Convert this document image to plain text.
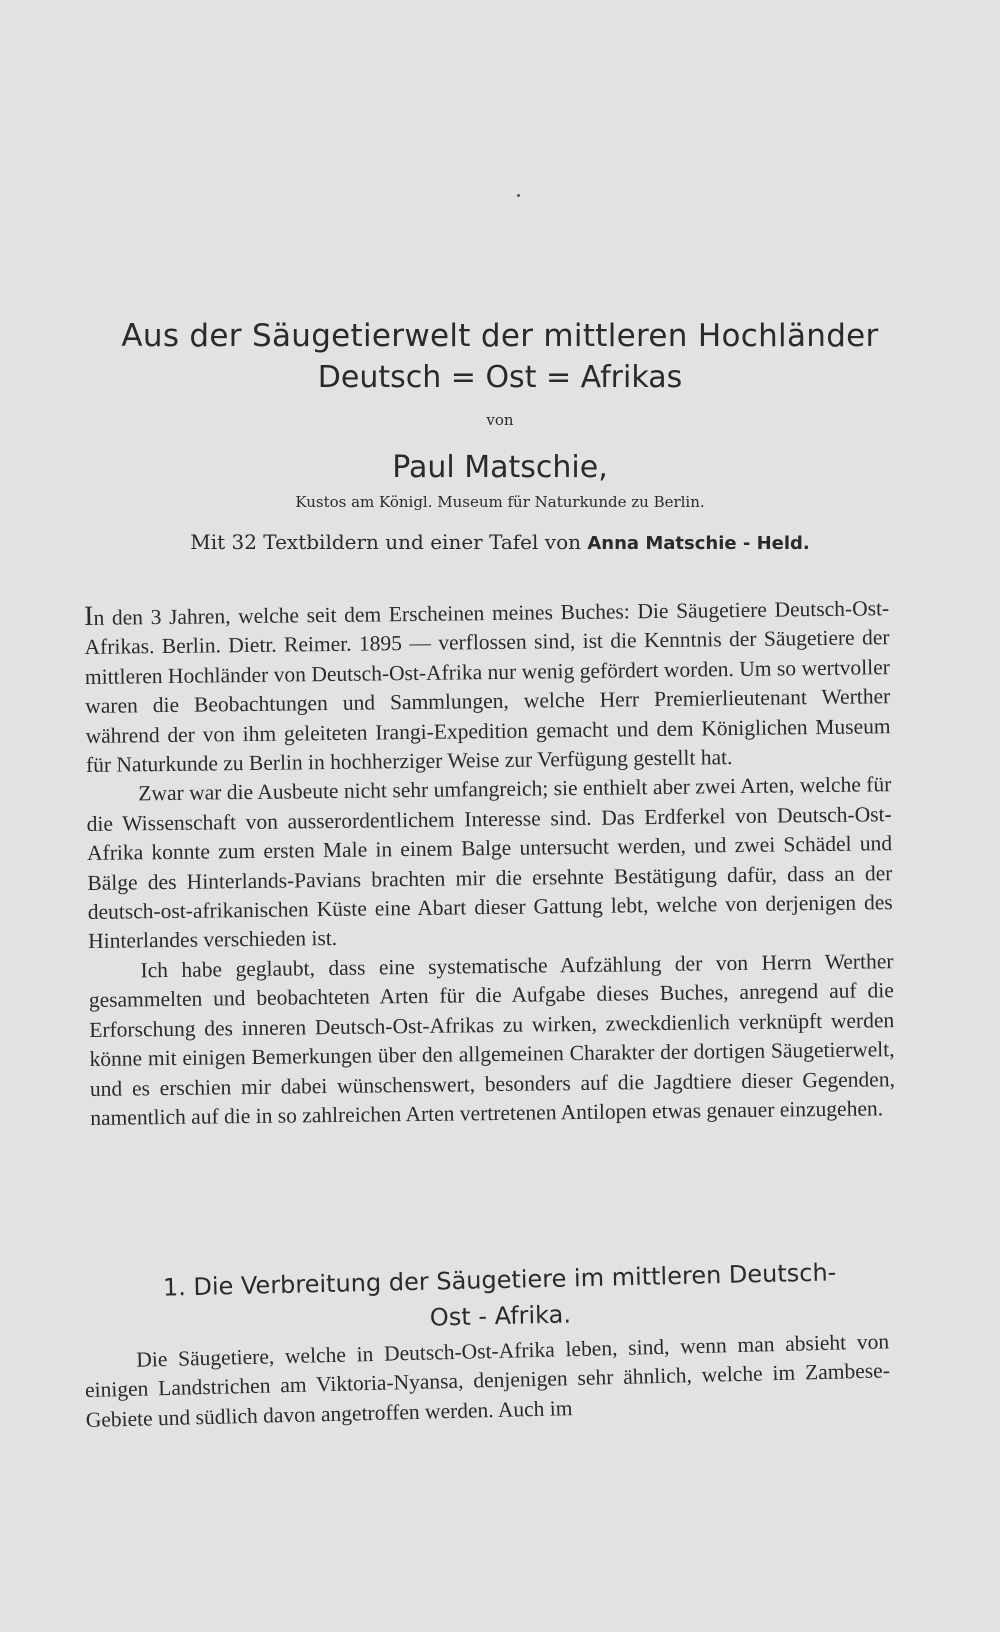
Aus der Säugetierwelt der mittleren Hochländer
Deutsch = Ost = Afrikas
von
Paul Matschie,
Kustos am Königl. Museum für Naturkunde zu Berlin.
Mit 32 Textbildern und einer Tafel von Anna Matschie - Held.

In den 3 Jahren, welche seit dem Erscheinen meines Buches: Die Säugetiere Deutsch-Ost-Afrikas. Berlin. Dietr. Reimer. 1895 — verflossen sind, ist die Kenntnis der Säugetiere der mittleren Hochländer von Deutsch-Ost-Afrika nur wenig gefördert worden. Um so wertvoller waren die Beobachtungen und Sammlungen, welche Herr Premierlieutenant Werther während der von ihm geleiteten Irangi-Expedition gemacht und dem Königlichen Museum für Naturkunde zu Berlin in hochherziger Weise zur Verfügung gestellt hat.

Zwar war die Ausbeute nicht sehr umfangreich; sie enthielt aber zwei Arten, welche für die Wissenschaft von ausserordentlichem Interesse sind. Das Erdferkel von Deutsch-Ost-Afrika konnte zum ersten Male in einem Balge untersucht werden, und zwei Schädel und Bälge des Hinterlands-Pavians brachten mir die ersehnte Bestätigung dafür, dass an der deutsch-ost-afrikanischen Küste eine Abart dieser Gattung lebt, welche von derjenigen des Hinterlandes verschieden ist.

Ich habe geglaubt, dass eine systematische Aufzählung der von Herrn Werther gesammelten und beobachteten Arten für die Aufgabe dieses Buches, anregend auf die Erforschung des inneren Deutsch-Ost-Afrikas zu wirken, zweckdienlich verknüpft werden könne mit einigen Bemerkungen über den allgemeinen Charakter der dortigen Säugetierwelt, und es erschien mir dabei wünschenswert, besonders auf die Jagdtiere dieser Gegenden, namentlich auf die in so zahlreichen Arten vertretenen Antilopen etwas genauer einzugehen.

1. Die Verbreitung der Säugetiere im mittleren Deutsch-
Ost - Afrika.

Die Säugetiere, welche in Deutsch-Ost-Afrika leben, sind, wenn man absieht von einigen Landstrichen am Viktoria-Nyansa, denjenigen sehr ähnlich, welche im Zambese-Gebiete und südlich davon angetroffen werden. Auch im
